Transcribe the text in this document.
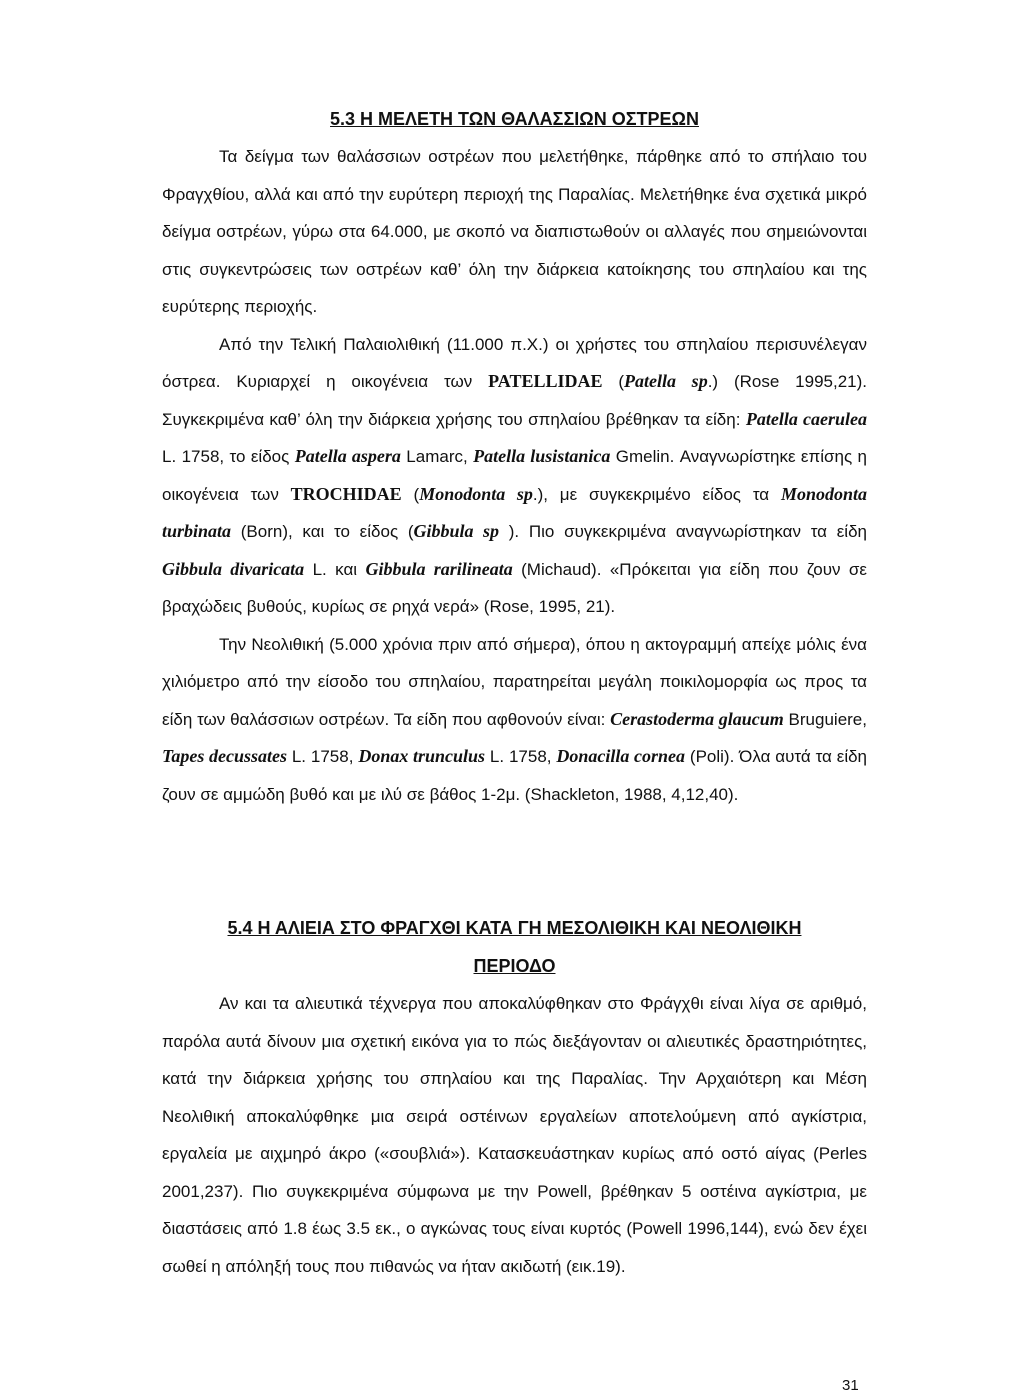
5.3 Η ΜΕΛΕΤΗ ΤΩΝ ΘΑΛΑΣΣΙΩΝ ΟΣΤΡΕΩΝ

Τα δείγμα των θαλάσσιων οστρέων που μελετήθηκε, πάρθηκε από το σπήλαιο του Φραγχθίου, αλλά και από την ευρύτερη περιοχή της Παραλίας. Μελετήθηκε ένα σχετικά μικρό δείγμα οστρέων, γύρω στα 64.000, με σκοπό να διαπιστωθούν οι αλλαγές που σημειώνονται στις συγκεντρώσεις των οστρέων καθ’ όλη την διάρκεια κατοίκησης του σπηλαίου και της ευρύτερης περιοχής.

Από την Τελική Παλαιολιθική (11.000 π.Χ.) οι χρήστες του σπηλαίου περισυνέλεγαν όστρεα. Κυριαρχεί η οικογένεια των PATELLIDAE (Patella sp.) (Rose 1995,21). Συγκεκριμένα καθ’ όλη την διάρκεια χρήσης του σπηλαίου βρέθηκαν τα είδη: Patella caerulea L. 1758, το είδος Patella aspera Lamarc, Patella lusistanica Gmelin. Αναγνωρίστηκε επίσης η οικογένεια των TROCHIDAE (Monodonta sp.), με συγκεκριμένο είδος τα Monodonta turbinata (Born), και το είδος (Gibbula sp ). Πιο συγκεκριμένα αναγνωρίστηκαν τα είδη Gibbula divaricata L. και Gibbula rarilineata (Michaud). «Πρόκειται για είδη που ζουν σε βραχώδεις βυθούς, κυρίως σε ρηχά νερά» (Rose, 1995, 21).

Την Νεολιθική (5.000 χρόνια πριν από σήμερα), όπου η ακτογραμμή απείχε μόλις ένα χιλιόμετρο από την είσοδο του σπηλαίου, παρατηρείται μεγάλη ποικιλομορφία ως προς τα είδη των θαλάσσιων οστρέων. Τα είδη που αφθονούν είναι: Cerastoderma glaucum Bruguiere, Tapes decussates L. 1758, Donax trunculus L. 1758, Donacilla cornea (Poli). Όλα αυτά τα είδη ζουν σε αμμώδη βυθό και με ιλύ σε βάθος 1-2μ. (Shackleton, 1988, 4,12,40).

5.4 Η ΑΛΙΕΙΑ ΣΤΟ ΦΡΑΓΧΘΙ ΚΑΤΑ ΓΗ ΜΕΣΟΛΙΘΙΚΗ ΚΑΙ ΝΕΟΛΙΘΙΚΗ
ΠΕΡΙΟΔΟ

Αν και τα αλιευτικά τέχνεργα που αποκαλύφθηκαν στο Φράγχθι είναι λίγα σε αριθμό, παρόλα αυτά δίνουν μια σχετική εικόνα για το πώς διεξάγονταν οι αλιευτικές δραστηριότητες, κατά την διάρκεια χρήσης του σπηλαίου και της Παραλίας. Την Αρχαιότερη και Μέση Νεολιθική αποκαλύφθηκε μια σειρά οστέινων εργαλείων αποτελούμενη από αγκίστρια, εργαλεία με αιχμηρό άκρο («σουβλιά»). Κατασκευάστηκαν κυρίως από οστό αίγας (Perles 2001,237). Πιο συγκεκριμένα σύμφωνα με την Powell, βρέθηκαν 5 οστέινα αγκίστρια, με διαστάσεις από 1.8 έως 3.5 εκ., ο αγκώνας τους είναι κυρτός (Powell 1996,144), ενώ δεν έχει σωθεί η απόληξή τους που πιθανώς να ήταν ακιδωτή (εικ.19).

31
